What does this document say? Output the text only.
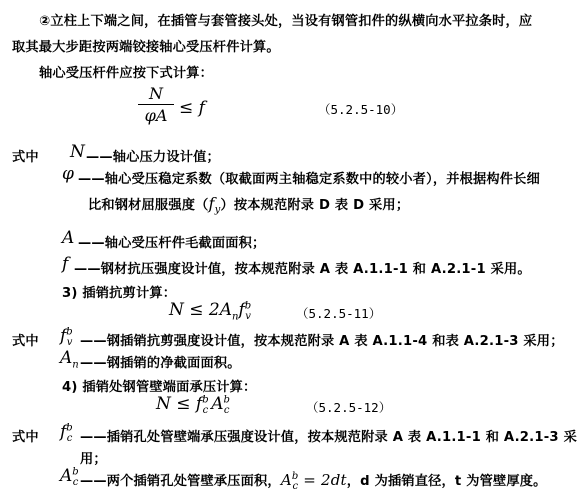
②立柱上下端之间，在插管与套管接头处，当设有钢管扣件的纵横向水平拉条时，应
取其最大步距按两端铰接轴心受压杆件计算。
轴心受压杆件应按下式计算：
N
φA ≤ f	（5.2.5-10）
式中 N ——轴心压力设计值；
φ ——轴心受压稳定系数（取截面两主轴稳定系数中的较小者），并根据构件长细
比和钢材屈服强度$(f_y)$按本规范附录 D 表 D 采用；
A ——轴心受压杆件毛截面面积；
f ——钢材抗压强度设计值，按本规范附录 A 表 A.1.1-1 和 A.2.1-1 采用。
3) 插销抗剪计算：
$N \le 2A_nf^b_v$	（5.2.5-11）
式中 $f^b_v$ ——钢插销抗剪强度设计值，按本规范附录 A 表 A.1.1-4 和表 A.2.1-3 采用；
$A_n$ ——钢插销的净截面面积。
4) 插销处钢管壁端面承压计算：
$N \le f^b_c$ $A^b_c$	（5.2.5-12）
式中 $f^b_c$ ——插销孔处管壁端承压强度设计值，按本规范附录 A 表 A.1.1-1 和 A.2.1-3 采
用；
$A^b_c$ ——两个插销孔处管壁承压面积，$A^b_c = 2dt$，d 为插销直径，t 为管壁厚度。
